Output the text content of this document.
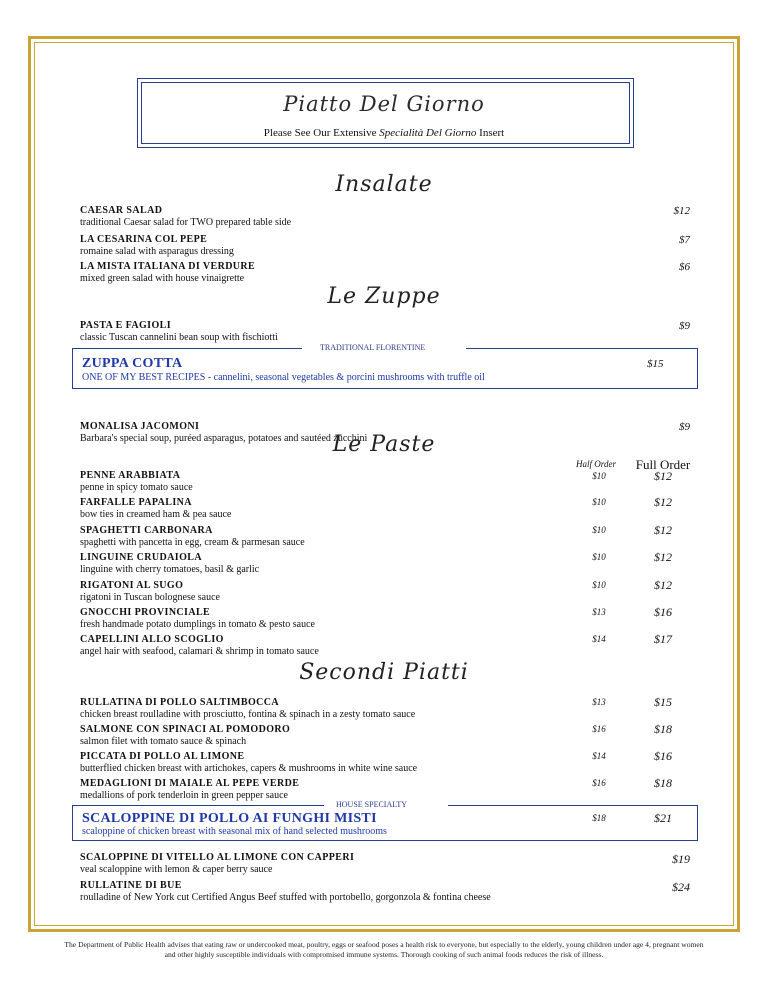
Piatto Del Giorno
Please See Our Extensive Specialità Del Giorno Insert
Insalate
CAESAR SALAD
traditional Caesar salad for TWO prepared table side
$12
LA CESARINA COL PEPE
romaine salad with asparagus dressing
$7
LA MISTA ITALIANA DI VERDURE
mixed green salad with house vinaigrette
$6
Le Zuppe
PASTA E FAGIOLI
classic Tuscan cannelini bean soup with fischiotti
$9
TRADITIONAL FLORENTINE
ZUPPA COTTA	$15
ONE OF MY BEST RECIPES - cannelini, seasonal vegetables & porcini mushrooms with truffle oil
MONALISA JACOMONI
Barbara's special soup, puréed asparagus, potatoes and sautéed zucchini
$9
Le Paste
Half Order	Full Order
PENNE ARABBIATA
penne in spicy tomato sauce
$10	$12
FARFALLE PAPALINA
bow ties in creamed ham & pea sauce
$10	$12
SPAGHETTI CARBONARA
spaghetti with pancetta in egg, cream & parmesan sauce
$10	$12
LINGUINE CRUDAIOLA
linguine with cherry tomatoes, basil & garlic
$10	$12
RIGATONI AL SUGO
rigatoni in Tuscan bolognese sauce
$10	$12
GNOCCHI PROVINCIALE
fresh handmade potato dumplings in tomato & pesto sauce
$13	$16
CAPELLINI ALLO SCOGLIO
angel hair with seafood, calamari & shrimp in tomato sauce
$14	$17
Secondi Piatti
RULLATINA DI POLLO SALTIMBOCCA
chicken breast roulladine with prosciutto, fontina & spinach in a zesty tomato sauce
$13	$15
SALMONE CON SPINACI AL POMODORO
salmon filet with tomato sauce & spinach
$16	$18
PICCATA DI POLLO AL LIMONE
butterflied chicken breast with artichokes, capers & mushrooms in white wine sauce
$14	$16
MEDAGLIONI DI MAIALE AL PEPE VERDE
medallions of pork tenderloin in green pepper sauce
$16	$18
HOUSE SPECIALTY
SCALOPPINE DI POLLO AI FUNGHI MISTI	$18	$21
scaloppine of chicken breast with seasonal mix of hand selected mushrooms
SCALOPPINE DI VITELLO AL LIMONE CON CAPPERI
veal scaloppine with lemon & caper berry sauce
$19
RULLATINE DI BUE
roulladine of New York cut Certified Angus Beef stuffed with portobello, gorgonzola & fontina cheese
$24
The Department of Public Health advises that eating raw or undercooked meat, poultry, eggs or seafood poses a health risk to everyone, but especially to the elderly, young children under age 4, pregnant women and other highly susceptible individuals with compromised immune systems. Thorough cooking of such animal foods reduces the risk of illness.
